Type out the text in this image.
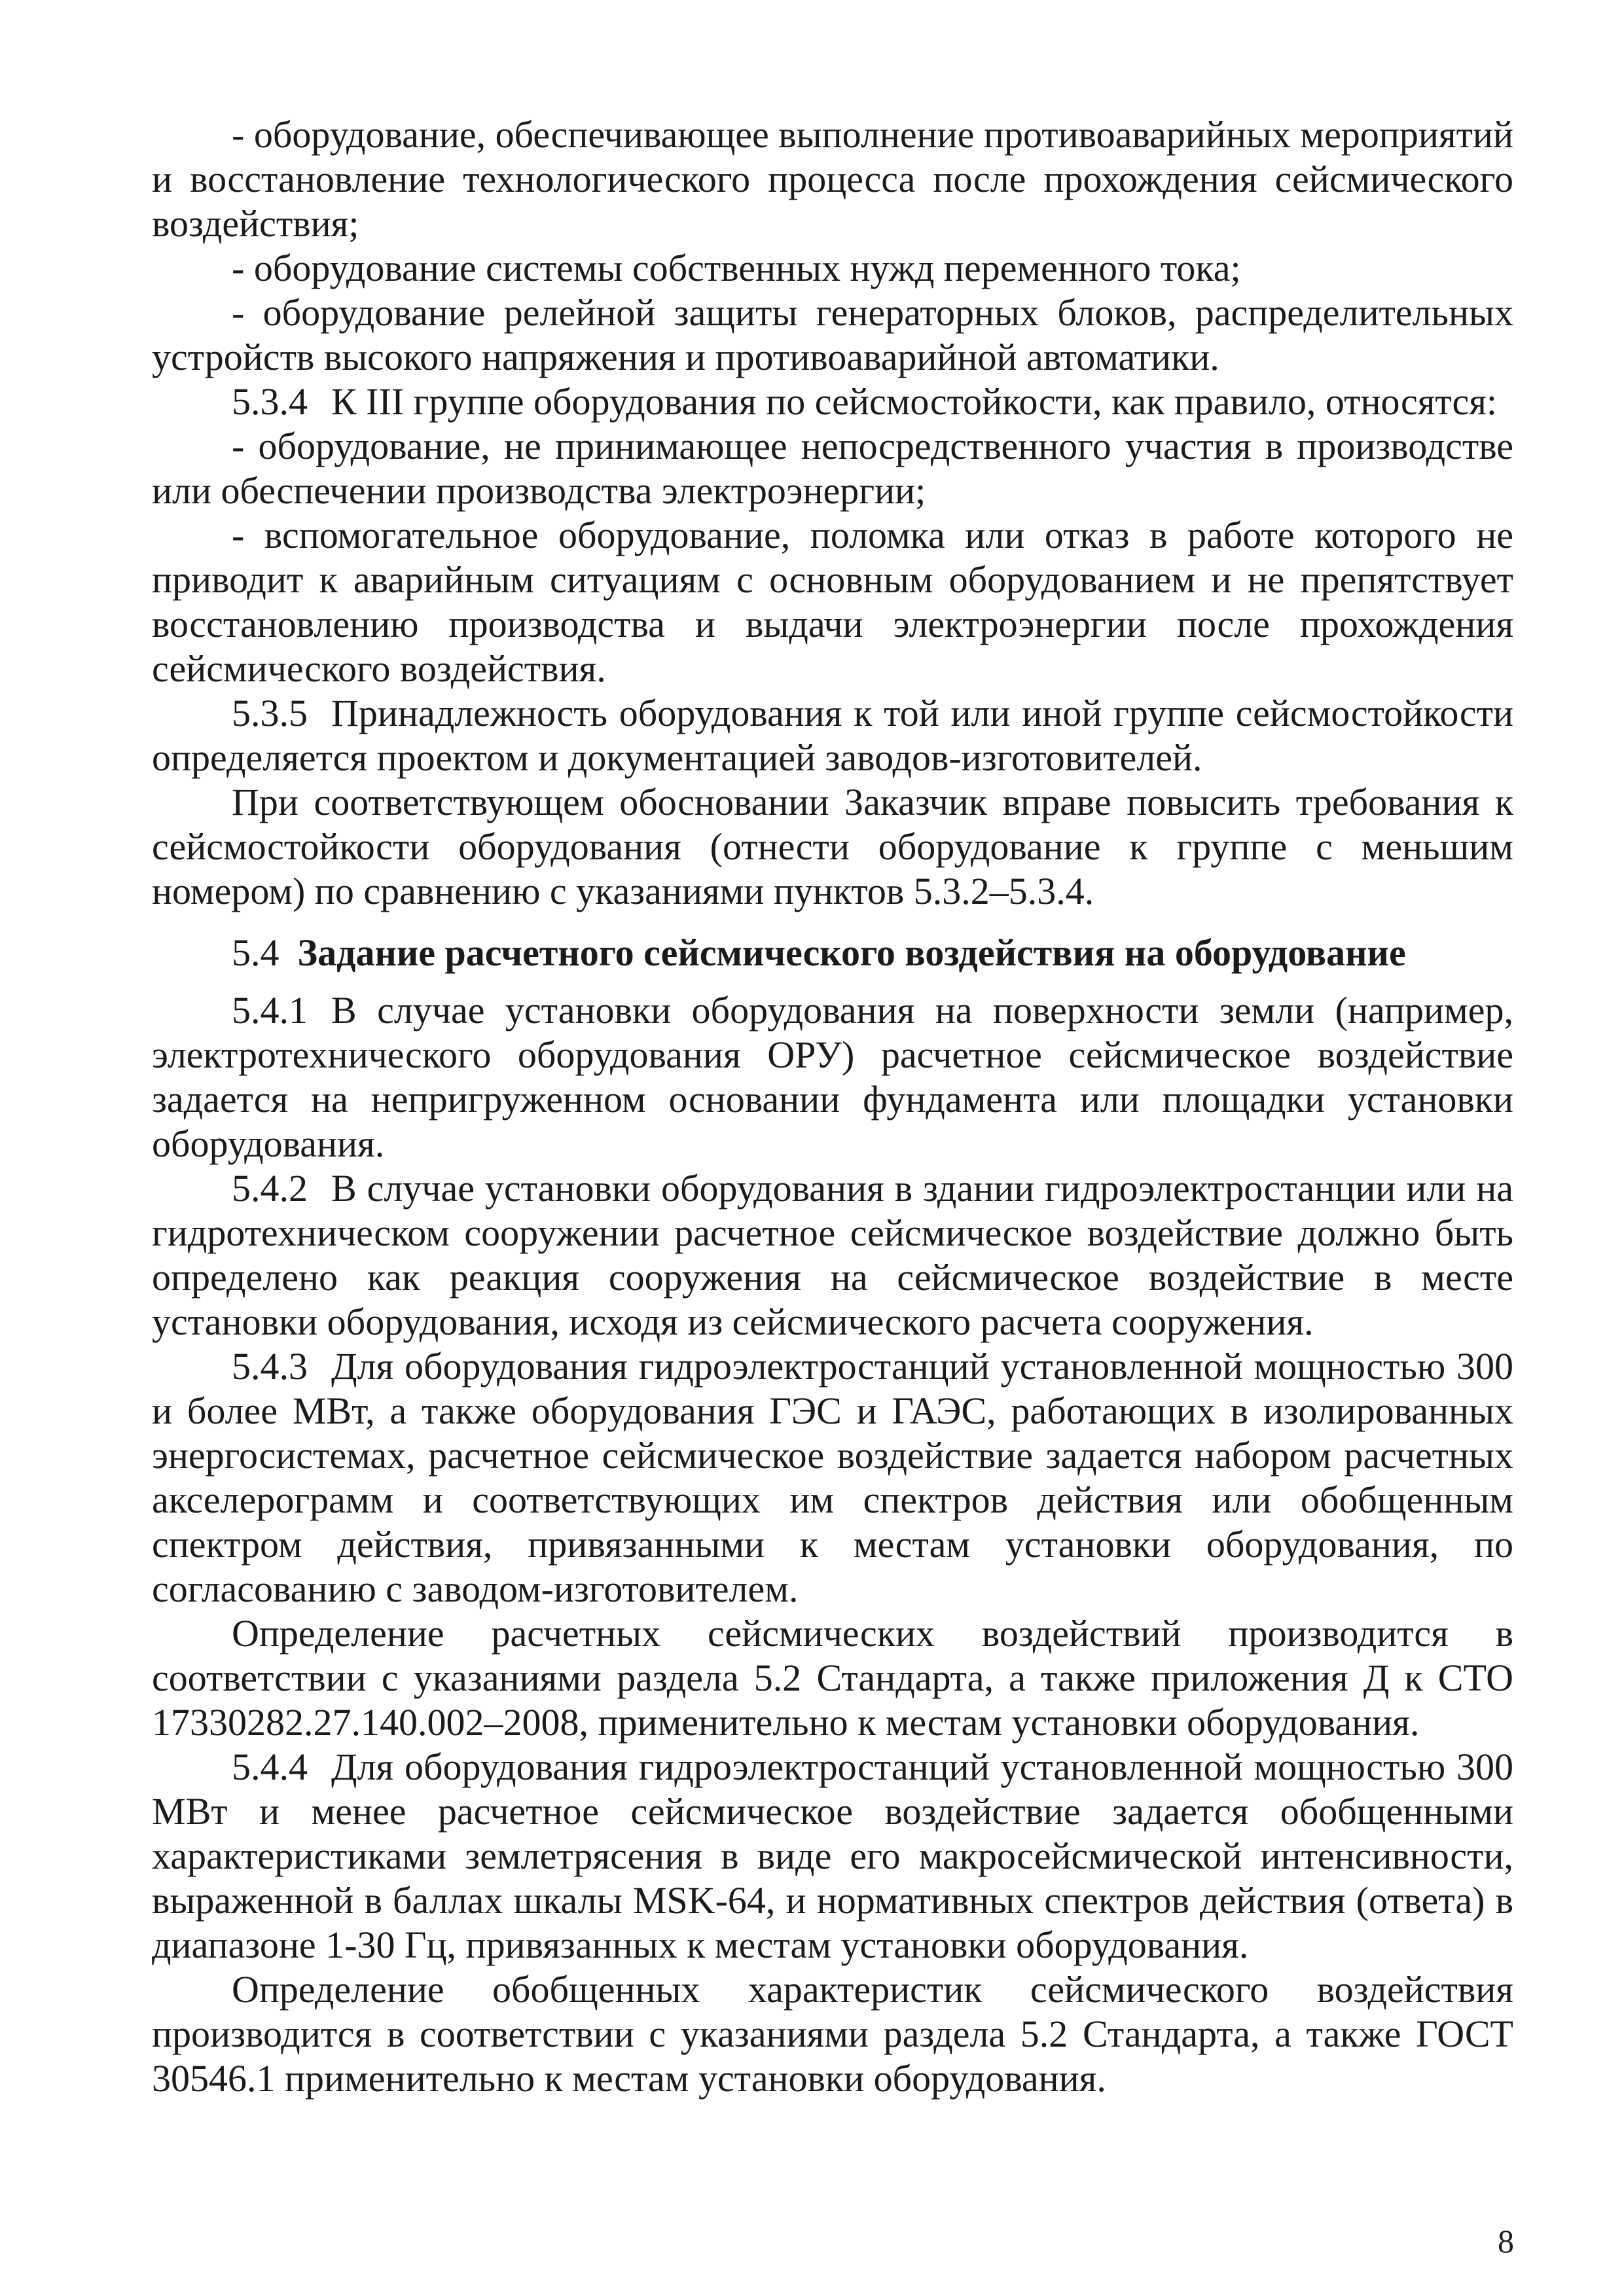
- оборудование, обеспечивающее выполнение противоаварийных мероприятий и восстановление технологического процесса после прохождения сейсмического воздействия;

- оборудование системы собственных нужд переменного тока;

- оборудование релейной защиты генераторных блоков, распределительных устройств высокого напряжения и противоаварийной автоматики.

5.3.4 К III группе оборудования по сейсмостойкости, как правило, относятся:

- оборудование, не принимающее непосредственного участия в производстве или обеспечении производства электроэнергии;

- вспомогательное оборудование, поломка или отказ в работе которого не приводит к аварийным ситуациям с основным оборудованием и не препятствует восстановлению производства и выдачи электроэнергии после прохождения сейсмического воздействия.

5.3.5 Принадлежность оборудования к той или иной группе сейсмостойкости определяется проектом и документацией заводов-изготовителей.

При соответствующем обосновании Заказчик вправе повысить требования к сейсмостойкости оборудования (отнести оборудование к группе с меньшим номером) по сравнению с указаниями пунктов 5.3.2–5.3.4.

5.4 Задание расчетного сейсмического воздействия на оборудование

5.4.1 В случае установки оборудования на поверхности земли (например, электротехнического оборудования ОРУ) расчетное сейсмическое воздействие задается на непригруженном основании фундамента или площадки установки оборудования.

5.4.2 В случае установки оборудования в здании гидроэлектростанции или на гидротехническом сооружении расчетное сейсмическое воздействие должно быть определено как реакция сооружения на сейсмическое воздействие в месте установки оборудования, исходя из сейсмического расчета сооружения.

5.4.3 Для оборудования гидроэлектростанций установленной мощностью 300 и более МВт, а также оборудования ГЭС и ГАЭС, работающих в изолированных энергосистемах, расчетное сейсмическое воздействие задается набором расчетных акселерограмм и соответствующих им спектров действия или обобщенным спектром действия, привязанными к местам установки оборудования, по согласованию с заводом-изготовителем.

Определение расчетных сейсмических воздействий производится в соответствии с указаниями раздела 5.2 Стандарта, а также приложения Д к СТО 17330282.27.140.002–2008, применительно к местам установки оборудования.

5.4.4 Для оборудования гидроэлектростанций установленной мощностью 300 МВт и менее расчетное сейсмическое воздействие задается обобщенными характеристиками землетрясения в виде его макросейсмической интенсивности, выраженной в баллах шкалы MSK-64, и нормативных спектров действия (ответа) в диапазоне 1-30 Гц, привязанных к местам установки оборудования.

Определение обобщенных характеристик сейсмического воздействия производится в соответствии с указаниями раздела 5.2 Стандарта, а также ГОСТ 30546.1 применительно к местам установки оборудования.

8
